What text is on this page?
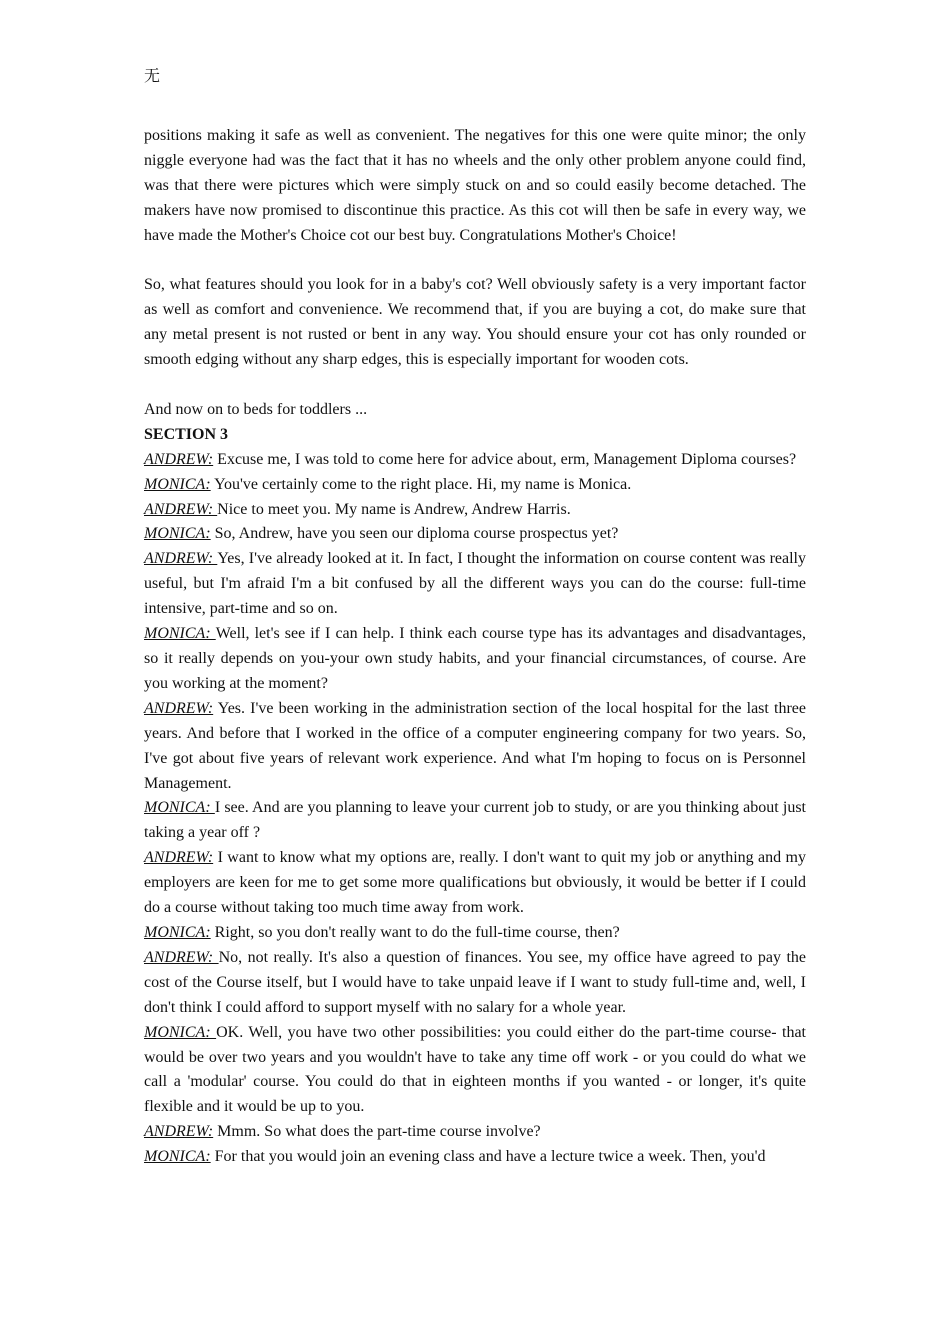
无

positions making it safe as well as convenient. The negatives for this one were quite minor; the only niggle everyone had was the fact that it has no wheels and the only other problem anyone could find, was that there were pictures which were simply stuck on and so could easily become detached. The makers have now promised to discontinue this practice. As this cot will then be safe in every way, we have made the Mother's Choice cot our best buy. Congratulations Mother's Choice!

So, what features should you look for in a baby's cot? Well obviously safety is a very important factor as well as comfort and convenience. We recommend that, if you are buying a cot, do make sure that any metal present is not rusted or bent in any way. You should ensure your cot has only rounded or smooth edging without any sharp edges, this is especially important for wooden cots.

And now on to beds for toddlers ...

SECTION 3

ANDREW: Excuse me, I was told to come here for advice about, erm, Management Diploma courses?

MONICA: You've certainly come to the right place. Hi, my name is Monica.

ANDREW: Nice to meet you. My name is Andrew, Andrew Harris.

MONICA: So, Andrew, have you seen our diploma course prospectus yet?

ANDREW: Yes, I've already looked at it. In fact, I thought the information on course content was really useful, but I'm afraid I'm a bit confused by all the different ways you can do the course: full-time intensive, part-time and so on.

MONICA: Well, let's see if I can help. I think each course type has its advantages and disadvantages, so it really depends on you-your own study habits, and your financial circumstances, of course. Are you working at the moment?

ANDREW: Yes. I've been working in the administration section of the local hospital for the last three years. And before that I worked in the office of a computer engineering company for two years. So, I've got about five years of relevant work experience. And what I'm hoping to focus on is Personnel Management.

MONICA: I see. And are you planning to leave your current job to study, or are you thinking about just taking a year off ?

ANDREW: I want to know what my options are, really. I don't want to quit my job or anything and my employers are keen for me to get some more qualifications but obviously, it would be better if I could do a course without taking too much time away from work.

MONICA: Right, so you don't really want to do the full-time course, then?

ANDREW: No, not really. It's also a question of finances. You see, my office have agreed to pay the cost of the Course itself, but I would have to take unpaid leave if I want to study full-time and, well, I don't think I could afford to support myself with no salary for a whole year.

MONICA: OK. Well, you have two other possibilities: you could either do the part-time course- that would be over two years and you wouldn't have to take any time off work - or you could do what we call a 'modular' course. You could do that in eighteen months if you wanted - or longer, it's quite flexible and it would be up to you.

ANDREW: Mmm. So what does the part-time course involve?

MONICA: For that you would join an evening class and have a lecture twice a week. Then, you'd
